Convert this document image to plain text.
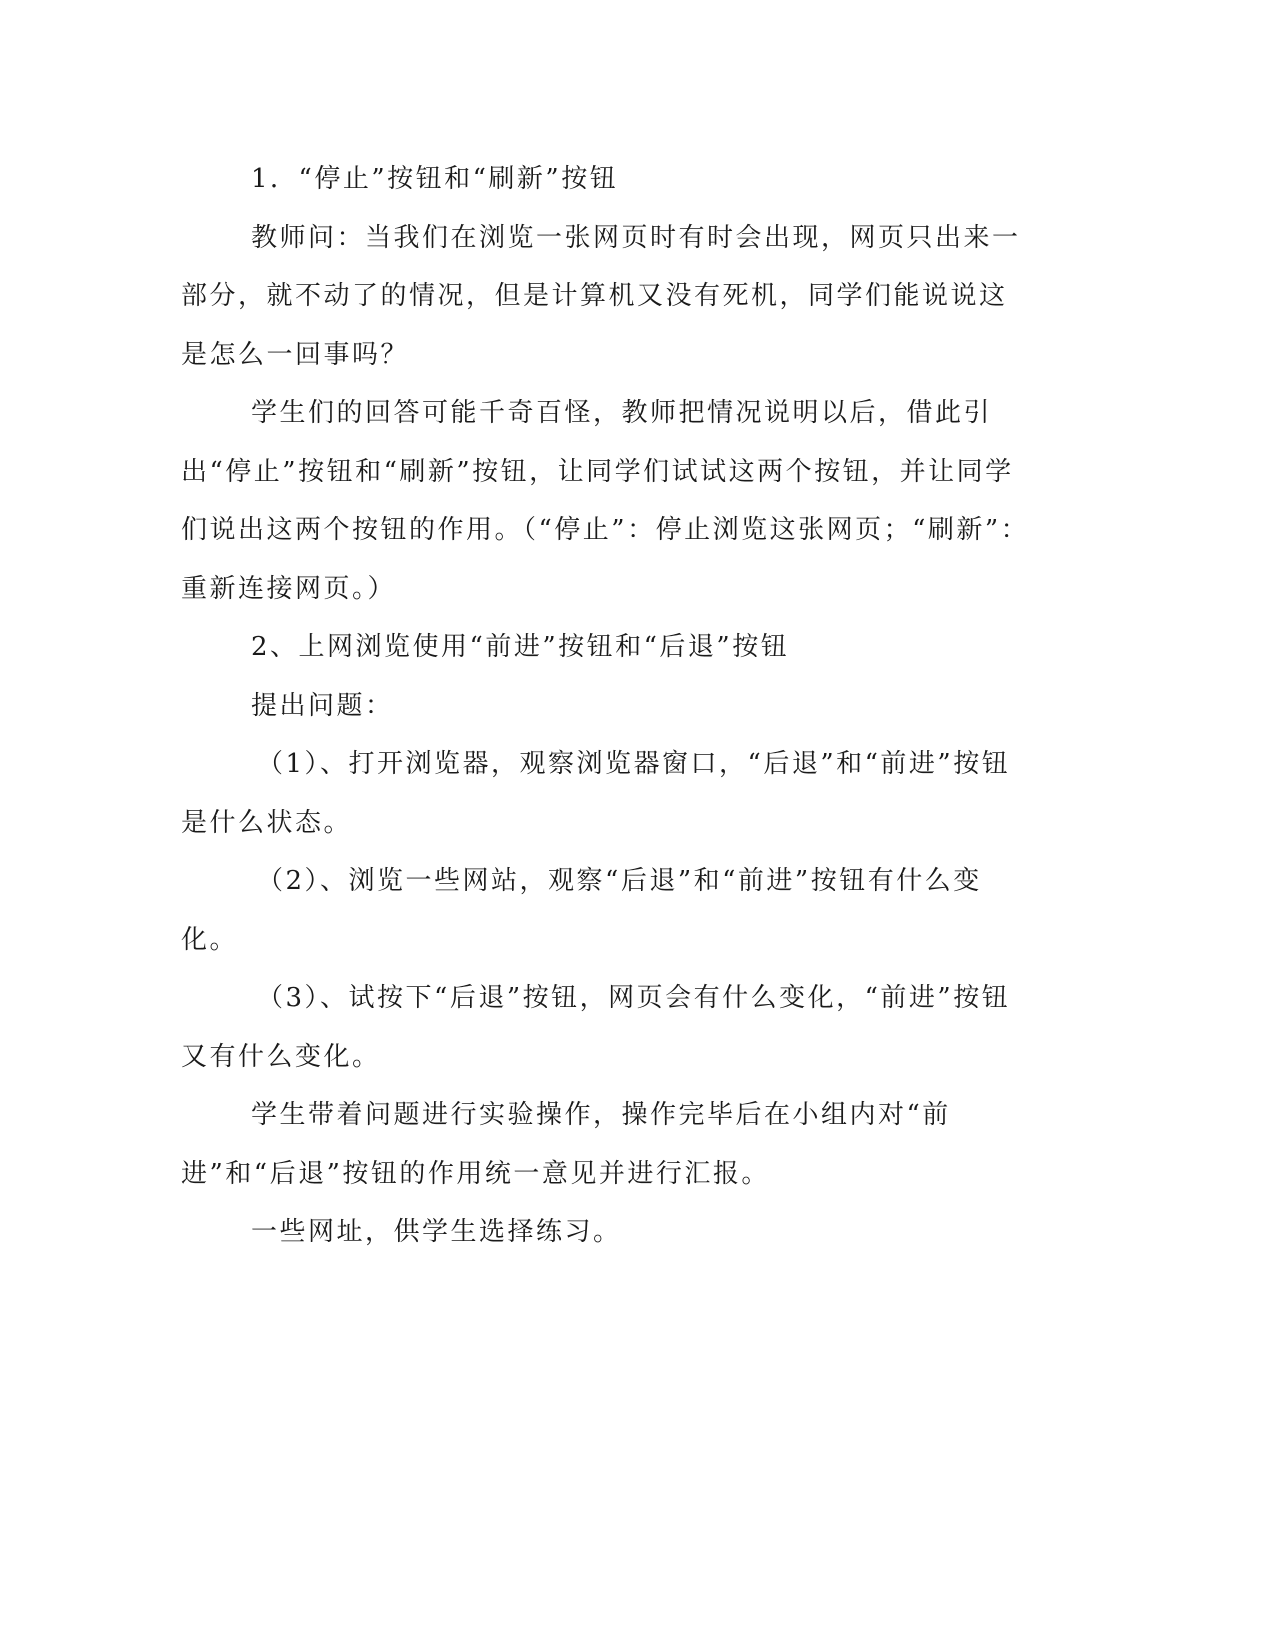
1．“停止”按钮和“刷新”按钮

教师问：当我们在浏览一张网页时有时会出现，网页只出来一部分，就不动了的情况，但是计算机又没有死机，同学们能说说这是怎么一回事吗？

学生们的回答可能千奇百怪，教师把情况说明以后，借此引出“停止”按钮和“刷新”按钮，让同学们试试这两个按钮，并让同学们说出这两个按钮的作用。（“停止”：停止浏览这张网页；“刷新”：重新连接网页。）

2、上网浏览使用“前进”按钮和“后退”按钮

提出问题：

（1）、打开浏览器，观察浏览器窗口，“后退”和“前进”按钮是什么状态。

（2）、浏览一些网站，观察“后退”和“前进”按钮有什么变化。

（3）、试按下“后退”按钮，网页会有什么变化，“前进”按钮又有什么变化。

学生带着问题进行实验操作，操作完毕后在小组内对“前进”和“后退”按钮的作用统一意见并进行汇报。

一些网址，供学生选择练习。
